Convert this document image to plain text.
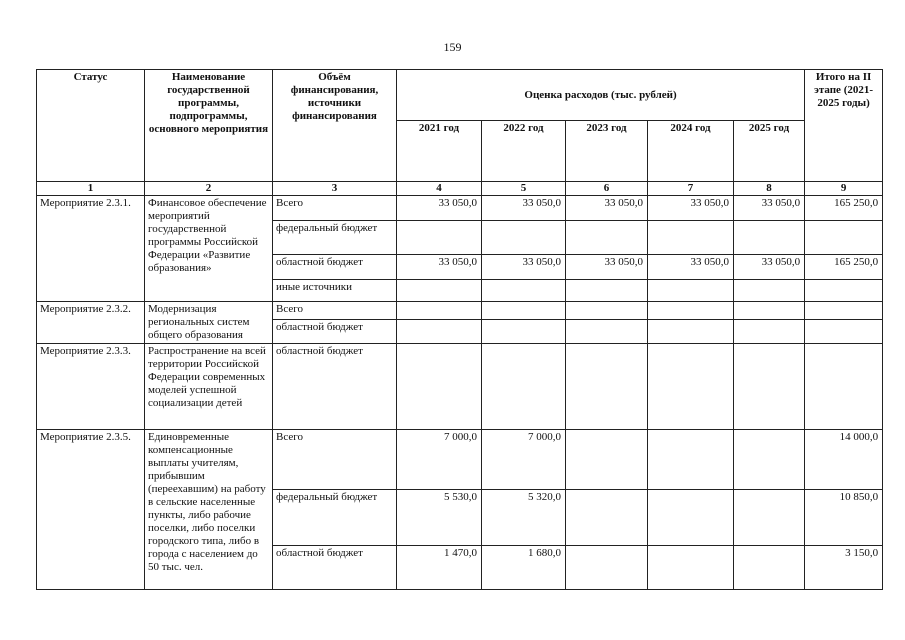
159
Статус	Наименование государственной программы, подпрограммы, основного мероприятия	Объём финансирования, источники финансирования	Оценка расходов (тыс. рублей)					Итого на II этапе (2021-2025 годы)
			2021 год	2022 год	2023 год	2024 год	2025 год	
1	2	3	4	5	6	7	8	9
Мероприятие 2.3.1.	Финансовое обеспечение мероприятий государственной программы Российской Федерации «Развитие образования»	Всего	33 050,0	33 050,0	33 050,0	33 050,0	33 050,0	165 250,0
		федеральный бюджет						
		областной бюджет	33 050,0	33 050,0	33 050,0	33 050,0	33 050,0	165 250,0
		иные источники						
Мероприятие 2.3.2.	Модернизация региональных систем общего образования	Всего						
		областной бюджет						
Мероприятие 2.3.3.	Распространение на всей территории Российской Федерации современных моделей успешной социализации детей	областной бюджет						
Мероприятие 2.3.5.	Единовременные компенсационные выплаты учителям, прибывшим (переехавшим) на работу в сельские населенные пункты, либо рабочие поселки, либо поселки городского типа, либо в города с населением до 50 тыс. чел.	Всего	7 000,0	7 000,0				14 000,0
		федеральный бюджет	5 530,0	5 320,0				10 850,0
		областной бюджет	1 470,0	1 680,0				3 150,0
